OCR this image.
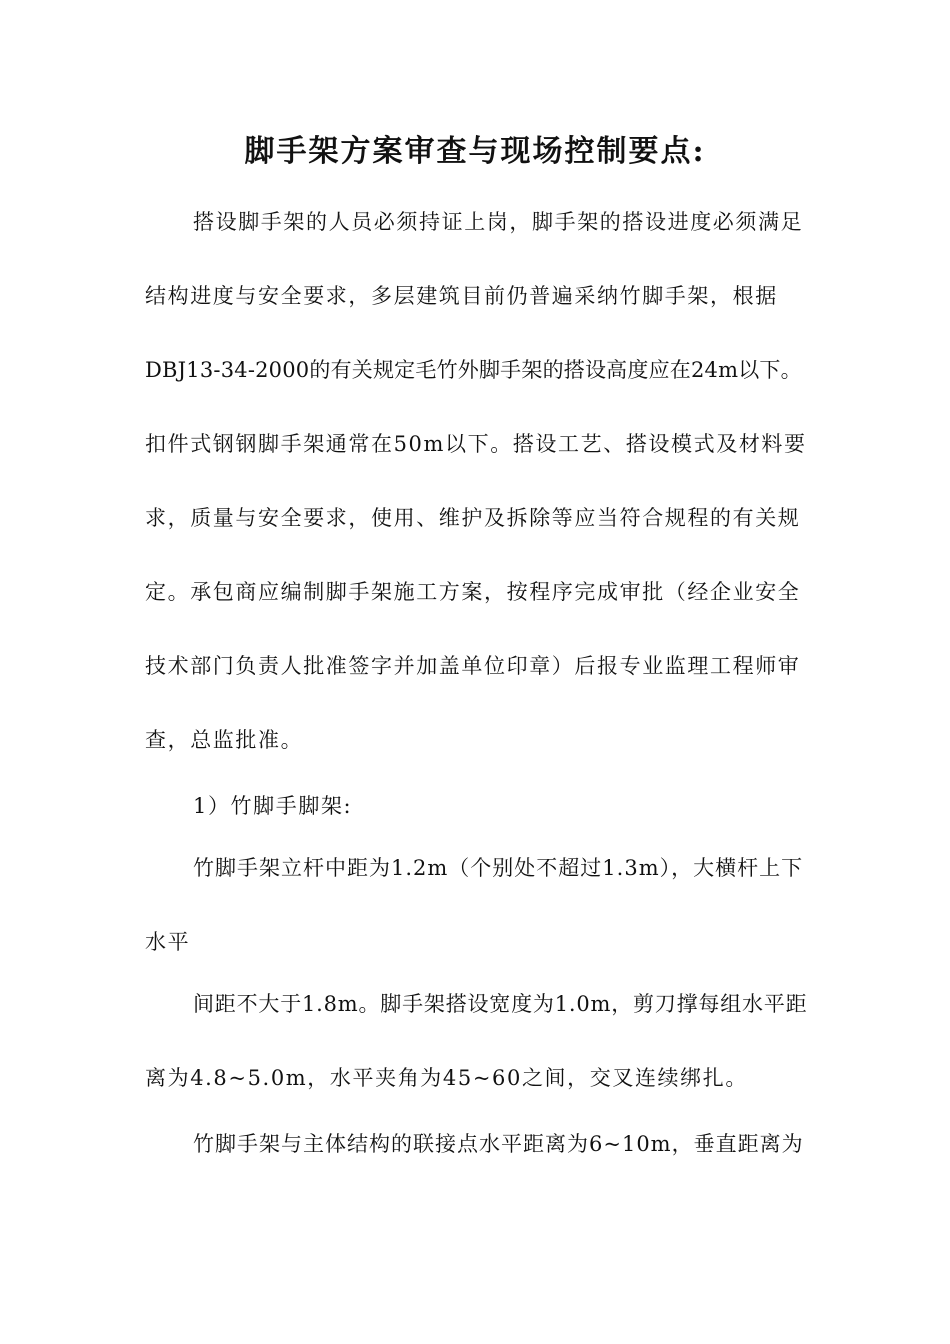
脚手架方案审查与现场控制要点:
搭设脚手架的人员必须持证上岗，脚手架的搭设进度必须满足
结构进度与安全要求，多层建筑目前仍普遍采纳竹脚手架，根据
DBJ13-34-2000的有关规定毛竹外脚手架的搭设高度应在24m以下。
扣件式钢钢脚手架通常在50m以下。搭设工艺、搭设模式及材料要
求，质量与安全要求，使用、维护及拆除等应当符合规程的有关规
定。承包商应编制脚手架施工方案，按程序完成审批（经企业安全
技术部门负责人批准签字并加盖单位印章）后报专业监理工程师审
查，总监批准。
1）竹脚手脚架:
竹脚手架立杆中距为1.2m（个别处不超过1.3m），大横杆上下
水平
间距不大于1.8m。脚手架搭设宽度为1.0m，剪刀撑每组水平距
离为4.8~5.0m，水平夹角为45~60之间，交叉连续绑扎。
竹脚手架与主体结构的联接点水平距离为6~10m，垂直距离为
